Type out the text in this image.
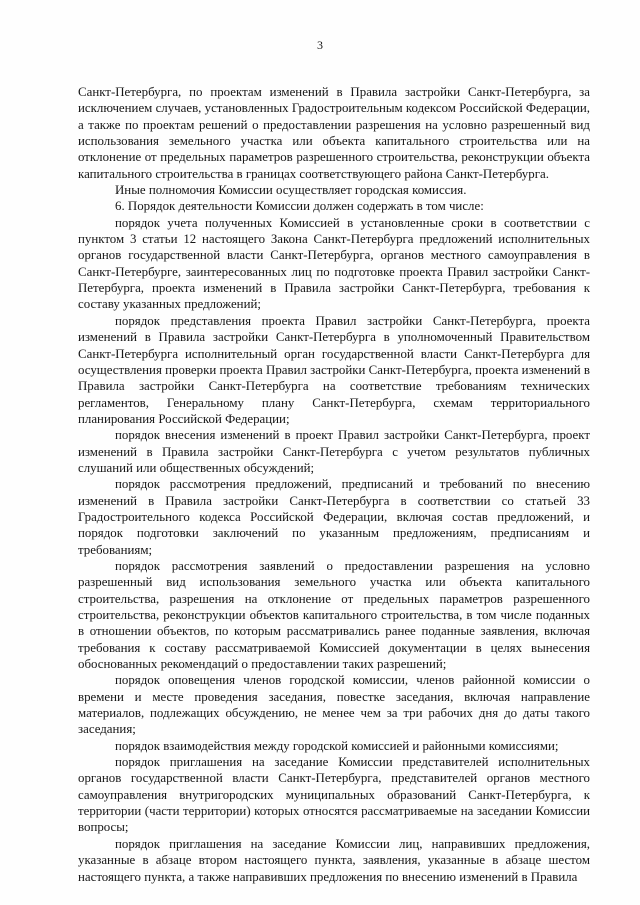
3

Санкт-Петербурга, по проектам изменений в Правила застройки Санкт-Петербурга, за исключением случаев, установленных Градостроительным кодексом Российской Федерации, а также по проектам решений о предоставлении разрешения на условно разрешенный вид использования земельного участка или объекта капитального строительства или на отклонение от предельных параметров разрешенного строительства, реконструкции объекта капитального строительства в границах соответствующего района Санкт-Петербурга.

Иные полномочия Комиссии осуществляет городская комиссия.

6. Порядок деятельности Комиссии должен содержать в том числе:

порядок учета полученных Комиссией в установленные сроки в соответствии с пунктом 3 статьи 12 настоящего Закона Санкт-Петербурга предложений исполнительных органов государственной власти Санкт-Петербурга, органов местного самоуправления в Санкт-Петербурге, заинтересованных лиц по подготовке проекта Правил застройки Санкт-Петербурга, проекта изменений в Правила застройки Санкт-Петербурга, требования к составу указанных предложений;

порядок представления проекта Правил застройки Санкт-Петербурга, проекта изменений в Правила застройки Санкт-Петербурга в уполномоченный Правительством Санкт-Петербурга исполнительный орган государственной власти Санкт-Петербурга для осуществления проверки проекта Правил застройки Санкт-Петербурга, проекта изменений в Правила застройки Санкт-Петербурга на соответствие требованиям технических регламентов, Генеральному плану Санкт-Петербурга, схемам территориального планирования Российской Федерации;

порядок внесения изменений в проект Правил застройки Санкт-Петербурга, проект изменений в Правила застройки Санкт-Петербурга с учетом результатов публичных слушаний или общественных обсуждений;

порядок рассмотрения предложений, предписаний и требований по внесению изменений в Правила застройки Санкт-Петербурга в соответствии со статьей 33 Градостроительного кодекса Российской Федерации, включая состав предложений, и порядок подготовки заключений по указанным предложениям, предписаниям и требованиям;

порядок рассмотрения заявлений о предоставлении разрешения на условно разрешенный вид использования земельного участка или объекта капитального строительства, разрешения на отклонение от предельных параметров разрешенного строительства, реконструкции объектов капитального строительства, в том числе поданных в отношении объектов, по которым рассматривались ранее поданные заявления, включая требования к составу рассматриваемой Комиссией документации в целях вынесения обоснованных рекомендаций о предоставлении таких разрешений;

порядок оповещения членов городской комиссии, членов районной комиссии о времени и месте проведения заседания, повестке заседания, включая направление материалов, подлежащих обсуждению, не менее чем за три рабочих дня до даты такого заседания;

порядок взаимодействия между городской комиссией и районными комиссиями;

порядок приглашения на заседание Комиссии представителей исполнительных органов государственной власти Санкт-Петербурга, представителей органов местного самоуправления внутригородских муниципальных образований Санкт-Петербурга, к территории (части территории) которых относятся рассматриваемые на заседании Комиссии вопросы;

порядок приглашения на заседание Комиссии лиц, направивших предложения, указанные в абзаце втором настоящего пункта, заявления, указанные в абзаце шестом настоящего пункта, а также направивших предложения по внесению изменений в Правила
